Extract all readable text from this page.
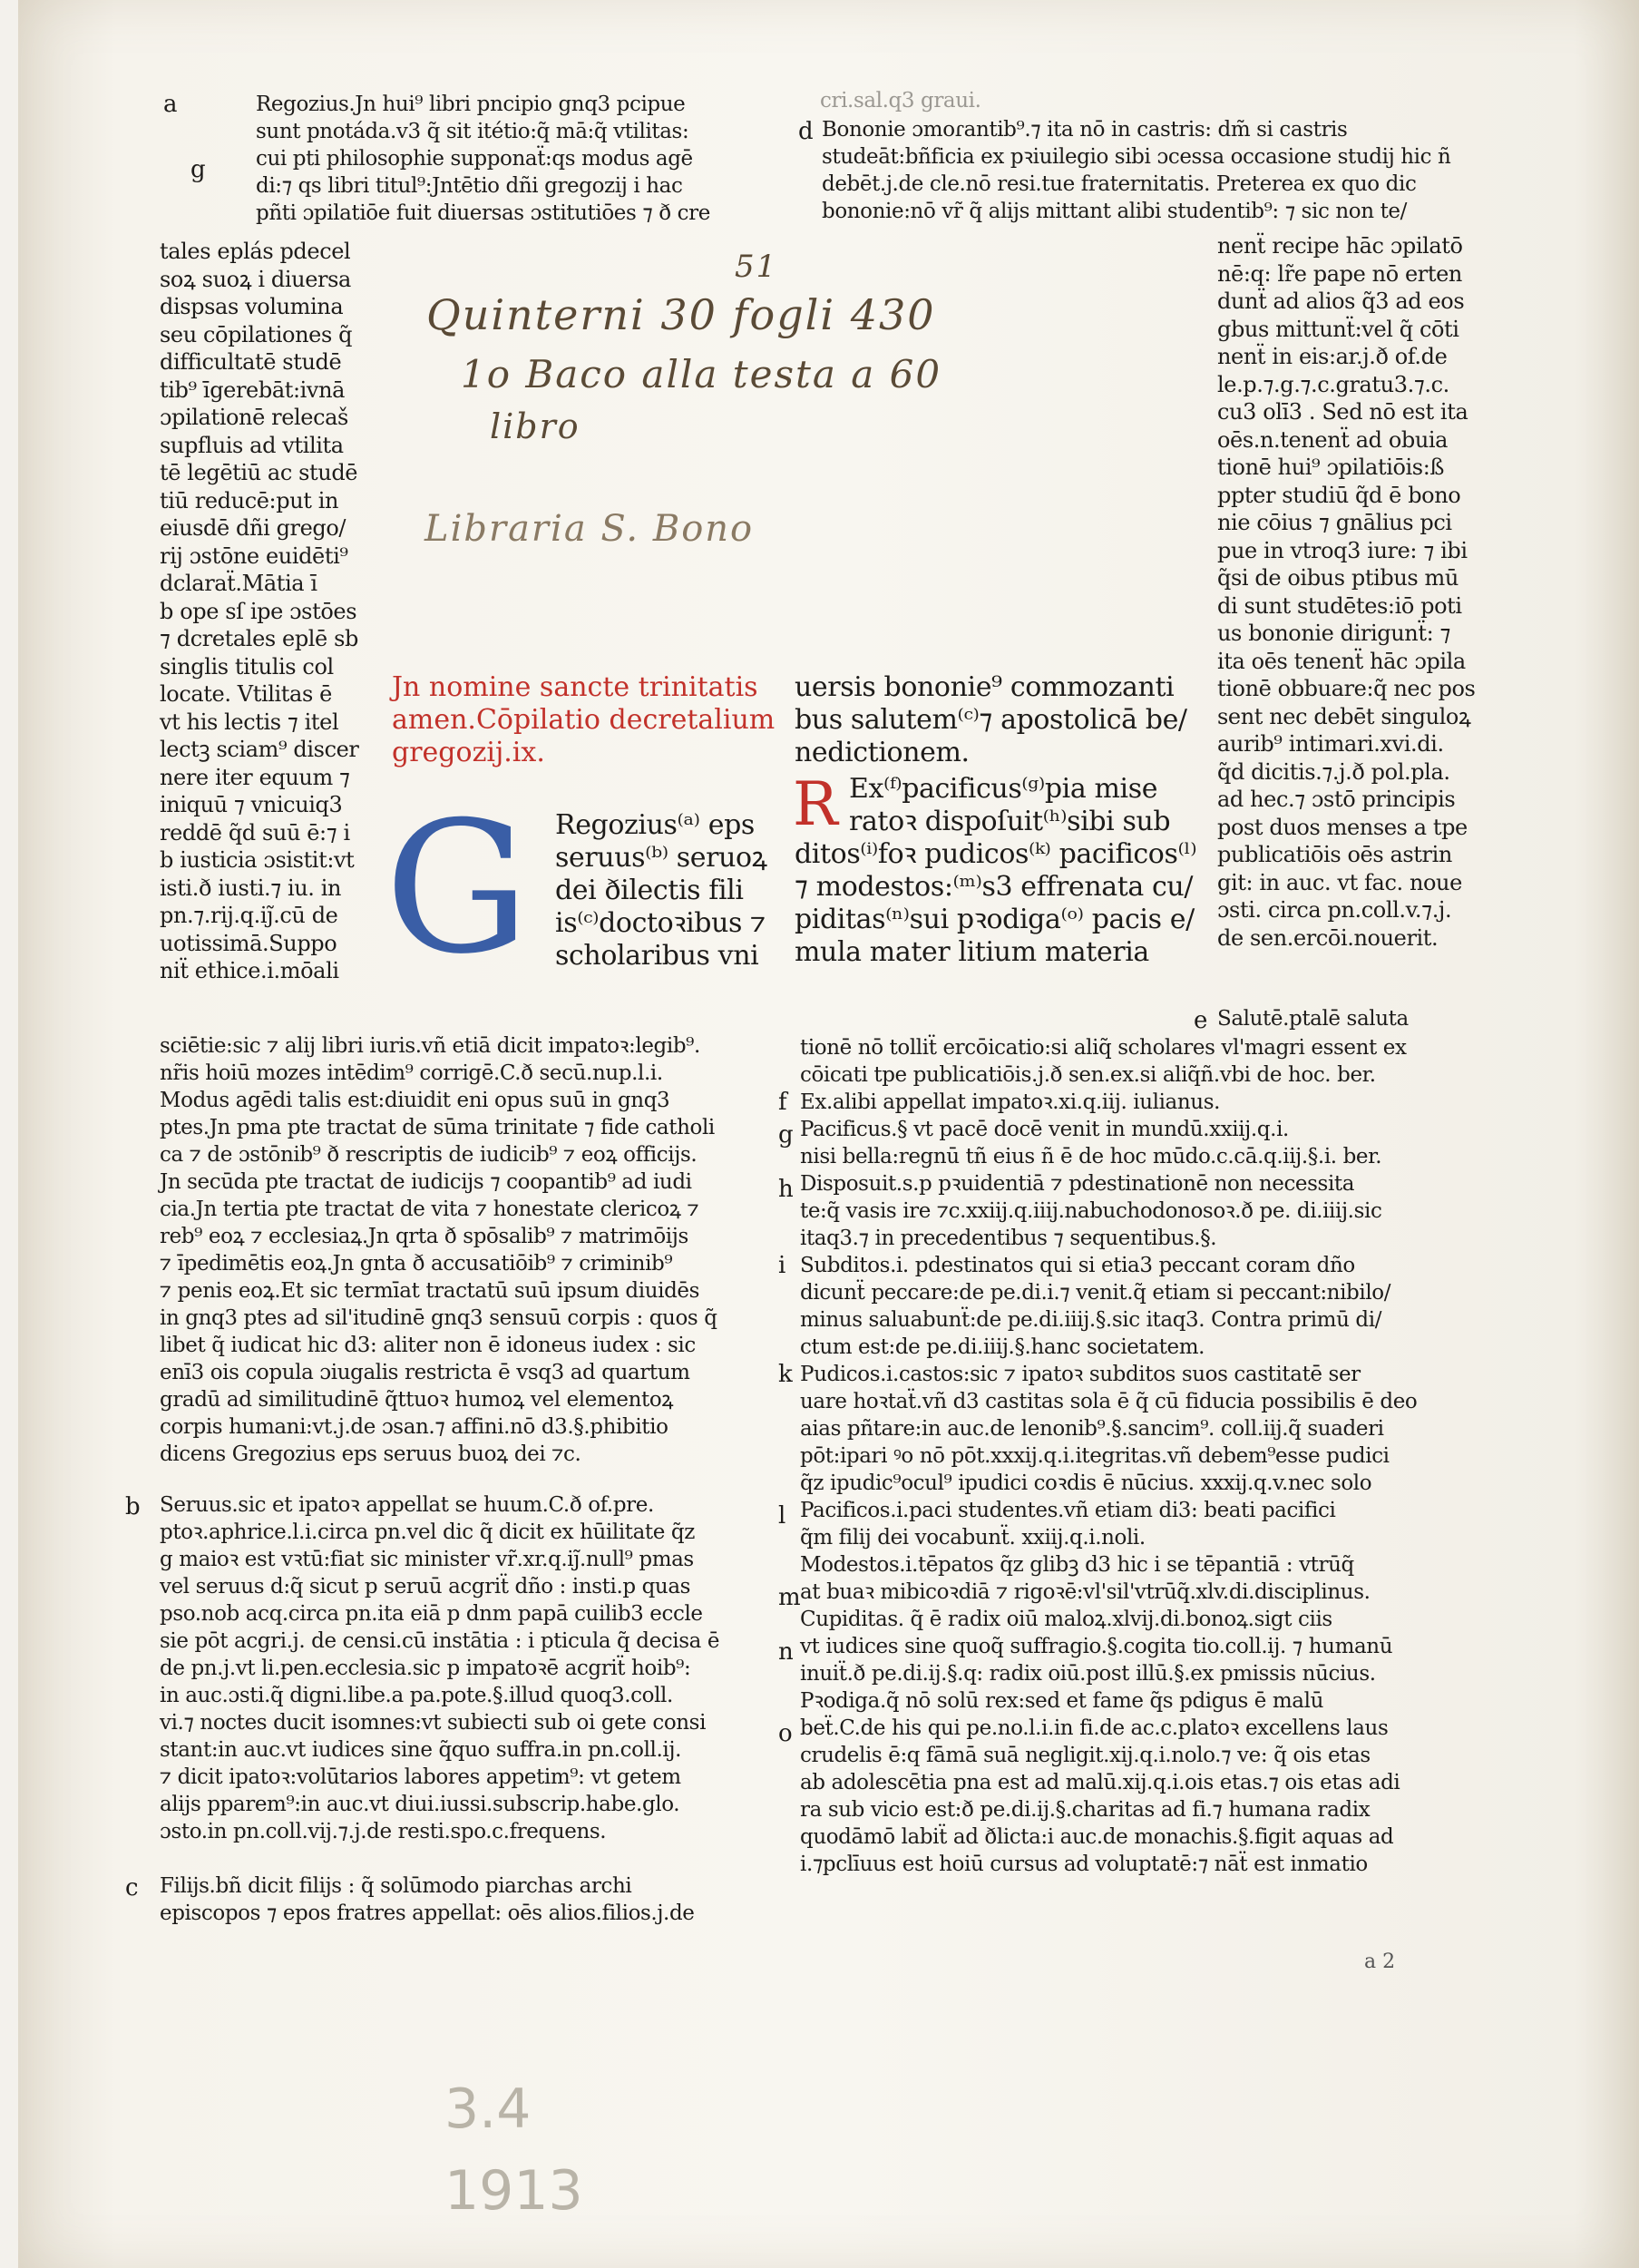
cri.sal.q3 graui.
a
g
Regozius.Jn hui⁹ libri pncipio gnq3 pcipue
sunt pnotáda.v3 q̃ sit itétio:q̃ mā:q̃ vtilitas:
cui pti philosophie supponaẗ:qs modus agē
di:⁊ qs libri titul⁹:Jntētio dñi gregozij i hac
pñti ɔpilatiōe fuit diuersas ɔstitutiōes ⁊ ð cre
tales eplás pdecel
soꝝ suoꝝ i diuersa
dispsas volumina
seu cōpilationes q̃
difficultatē studē
tib⁹ īgerebāt:ivnā
ɔpilationē relecaš
supfluis ad vtilita
tē legētiū ac studē
tiū reducē:put in
eiusdē dñi grego/
rij ɔstōne euidēti⁹
dclaraẗ.Mātia ī
b ope sſ ipe ɔstōes
⁊ dcretales eplē sb
singlis titulis col
locate. Vtilitas ē
vt his lectis ⁊ itel
lectꝫ sciam⁹ discer
nere iter equum ⁊
iniquū ⁊ vnicuiq3
reddē q̃d suū ē:⁊ i
b iusticia ɔsistit:vt
isti.ð iusti.⁊ iu. in
pn.⁊.rij.q.ij̃.cū de
uotissimā.Suppo
niẗ ethice.i.mōali
sciētie:sic ⁊ alij libri iuris.vñ etiā dicit impatoꝛ:legib⁹.
nr̃is hoiū mozes intēdim⁹ corrigē.C.ð secū.nup.l.i.
Modus agēdi talis est:diuidit eni opus suū in gnq3
ptes.Jn pma pte tractat de sūma trinitate ⁊ fide catholi
ca ⁊ de ɔstōnib⁹ ð rescriptis de iudicib⁹ ⁊ eoꝝ officijs.
Jn secūda pte tractat de iudicijs ⁊ coopantib⁹ ad iudi
cia.Jn tertia pte tractat de vita ⁊ honestate clericoꝝ ⁊
reb⁹ eoꝝ ⁊ ecclesiaꝝ.Jn qrta ð spōsalib⁹ ⁊ matrimōijs
⁊ īpedimētis eoꝝ.Jn gnta ð accusatiōib⁹ ⁊ criminib⁹
⁊ penis eoꝝ.Et sic termīat tractatū suū ipsum diuidēs
in gnq3 ptes ad sil'itudinē gnq3 sensuū corpis : quos q̃
libet q̃ iudicat hic d3: aliter non ē idoneus iudex : sic
enī3 ois copula ɔiugalis restricta ē vsq3 ad quartum
gradū ad similitudinē q̃ttuoꝛ humoꝝ vel elementoꝝ
corpis humani:vt.j.de ɔsan.⁊ affini.nō d3.§.phibitio
dicens Gregozius eps seruus buoꝝ dei ⁊c.
b Seruus.sic et ipatoꝛ appellat se huum.C.ð of.pre.
ptoꝛ.aphrice.l.i.circa pn.vel dic q̃ dicit ex hūilitate q̃z
g maioꝛ est vꝛtū:fiat sic minister vr̃.xr.q.ij̃.null⁹ pmas
vel seruus d:q̃ sicut p seruū acgriẗ dño : insti.p quas
pso.nob acq.circa pn.ita eiā p dnm papā cuilib3 eccle
sie pōt acgri.j. de censi.cū instātia : i pticula q̃ decisa ē
de pn.j.vt li.pen.ecclesia.sic p impatoꝛē acgriẗ hoib⁹:
in auc.ɔsti.q̃ digni.libe.a pa.pote.§.illud quoq3.coll.
vi.⁊ noctes ducit isomnes:vt subiecti sub oi gete consi
stant:in auc.vt iudices sine q̃quo suffra.in pn.coll.ij.
⁊ dicit ipatoꝛ:volūtarios labores appetim⁹: vt getem
alijs pparem⁹:in auc.vt diui.iussi.subscrip.habe.glo.
ɔsto.in pn.coll.vij.⁊.j.de resti.spo.c.frequens.
c Filijs.bñ dicit filijs : q̃ solūmodo piarchas archi
episcopos ⁊ epos fratres appellat: oēs alios.filios.j.de
d Bononie ɔmoɾantib⁹.⁊ ita nō in castris: dm̃ si castris
studeāt:bñficia ex pꝛiuilegio sibi ɔcessa occasione studij hic ñ
debēt.j.de cle.nō resi.tue fraternitatis. Preterea ex quo dic
bononie:nō vr̃ q̃ alijs mittant alibi studentib⁹: ⁊ sic non te/
nenẗ recipe hāc ɔpilatō
nē:q: lr̃e pape nō erten
dunẗ ad alios q̃3 ad eos
gbus mittunẗ:vel q̃ cōti
nenẗ in eis:ar.j.ð of.de
le.p.⁊.g.⁊.c.gratu3.⁊.c.
cu3 olī3 . Sed nō est ita
oēs.n.tenenẗ ad obuia
tionē hui⁹ ɔpilatiōis:ß
ppter studiū q̃d ē bono
nie cōius ⁊ gnālius pci
pue in vtroq3 iure: ⁊ ibi
q̃si de oibus ptibus mū
di sunt studētes:iō poti
us bononie dirigunẗ: ⁊
ita oēs tenenẗ hāc ɔpila
tionē obbuare:q̃ nec pos
sent nec debēt singuloꝝ
aurib⁹ intimari.xvi.di.
q̃d dicitis.⁊.j.ð pol.pla.
ad hec.⁊ ɔstō principis
post duos menses a tpe
publicatiōis oēs astrin
git: in auc. vt fac. noue
ɔsti. circa pn.coll.v.⁊.j.
de sen.ercōi.nouerit.
e Salutē.ptalē saluta
tionē nō tolliẗ ercōicatio:si aliq̃ scholares vl'magri essent ex
cōicati tpe publicatiōis.j.ð sen.ex.si aliq̃ñ.vbi de hoc. ber.
Ex.alibi appellat impatoꝛ.xi.q.iij. iulianus.
Pacificus.§ vt pacē docē venit in mundū.xxiij.q.i.
nisi bella:regnū tñ eius ñ ē de hoc mūdo.c.cā.q.iij.§.i. ber.
Disposuit.s.p pꝛuidentiā ⁊ pdestinationē non necessita
te:q̃ vasis ire ⁊c.xxiij.q.iiij.nabuchodonosoꝛ.ð pe. di.iiij.sic
itaq3.⁊ in precedentibus ⁊ sequentibus.§.
Subditos.i. pdestinatos qui si etia3 peccant coram dño
dicunẗ peccare:de pe.di.i.⁊ venit.q̃ etiam si peccant:nibilo/
minus saluabunẗ:de pe.di.iiij.§.sic itaq3. Contra primū di/
ctum est:de pe.di.iiij.§.hanc societatem.
Pudicos.i.castos:sic ⁊ ipatoꝛ subditos suos castitatē ser
uare hoꝛtaẗ.vñ d3 castitas sola ē q̃ cū fiducia possibilis ē deo
aias pñtare:in auc.de lenonib⁹.§.sancim⁹. coll.iij.q̃ suaderi
pōt:ipari ꝰo nō pōt.xxxij.q.i.itegritas.vñ debem⁹esse pudici
q̃z ipudic⁹ocul⁹ ipudici coꝛdis ē nūcius. xxxij.q.v.nec solo
Pacificos.i.paci studentes.vñ etiam di3: beati pacifici
q̃m filij dei vocabunẗ. xxiij.q.i.noli.
Modestos.i.tēpatos q̃z glibꝫ d3 hic i se tēpantiā : vtrūq̃
at buaꝛ mibicoꝛdiā ⁊ rigoꝛē:vl'sil'vtrūq̃.xlv.di.disciplinus.
Cupiditas. q̃ ē radix oiū maloꝝ.xlvij.di.bonoꝝ.sigt ciis
vt iudices sine quoq̃ suffragio.§.cogita tio.coll.ij. ⁊ humanū
inuiẗ.ð pe.di.ij.§.q: radix oiū.post illū.§.ex pmissis nūcius.
Pꝛodiga.q̃ nō solū rex:sed et fame q̃s pdigus ē malū
beẗ.C.de his qui pe.no.l.i.in fi.de ac.c.platoꝛ excellens laus
crudelis ē:q fāmā suā negligit.xij.q.i.nolo.⁊ ve: q̃ ois etas
ab adolescētia pna est ad malū.xij.q.i.ois etas.⁊ ois etas adi
ra sub vicio est:ð pe.di.ij.§.charitas ad fi.⁊ humana radix
quodāmō labiẗ ad ðlicta:i auc.de monachis.§.figit aquas ad
i.⁊pclīuus est hoiū cursus ad voluptatē:⁊ nāẗ est inmatio
Quinterni 30 fogli 430
51
1o Baco alla testa a 60
libro
Libraria S. Bono
Jn nomine sancte trinitatis
amen.Cōpilatio decretalium
gregozij.ix.
uersis bononie⁹ commozanti
bus salutem⁽ᶜ⁾⁊ apostolicā be/
nedictionem.
G Regozius⁽ᵃ⁾ eps
seruus⁽ᵇ⁾ seruoꝝ
dei ðilectis fili
is⁽ᶜ⁾doctoꝛibus ⁊
scholaribus vni
R Ex⁽ᶠ⁾pacificus⁽ᵍ⁾pia mise
ratoꝛ dispoſuit⁽ʰ⁾sibi sub
ditos⁽ⁱ⁾foꝛ pudicos⁽ᵏ⁾ pacificos⁽ˡ⁾
⁊ modestos:⁽ᵐ⁾s3 effrenata cu/
piditas⁽ⁿ⁾sui pꝛodiga⁽ᵒ⁾ pacis e/
mula mater litium materia
f
g
h
i
k
l
m
n
o
a 2
3.4
1913
